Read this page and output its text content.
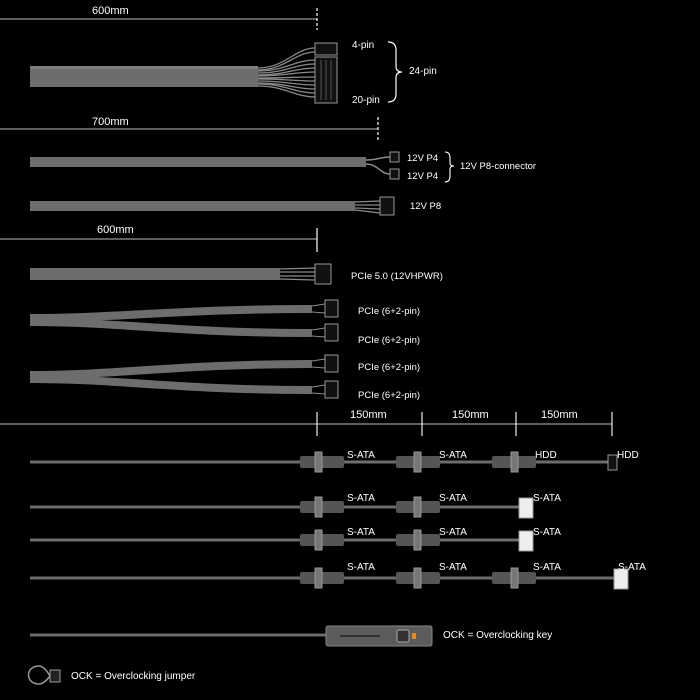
600mm
4-pin
20-pin
24-pin
700mm
12V P4
12V P4
12V P8-connector
12V P8
600mm
PCIe 5.0 (12VHPWR)
PCIe (6+2-pin)
PCIe (6+2-pin)
PCIe (6+2-pin)
PCIe (6+2-pin)
150mm	150mm	150mm
S-ATA	S-ATA	HDD	HDD
S-ATA	S-ATA	S-ATA
S-ATA	S-ATA	S-ATA
S-ATA	S-ATA	S-ATA	S-ATA
OCK = Overclocking key
OCK = Overclocking jumper
